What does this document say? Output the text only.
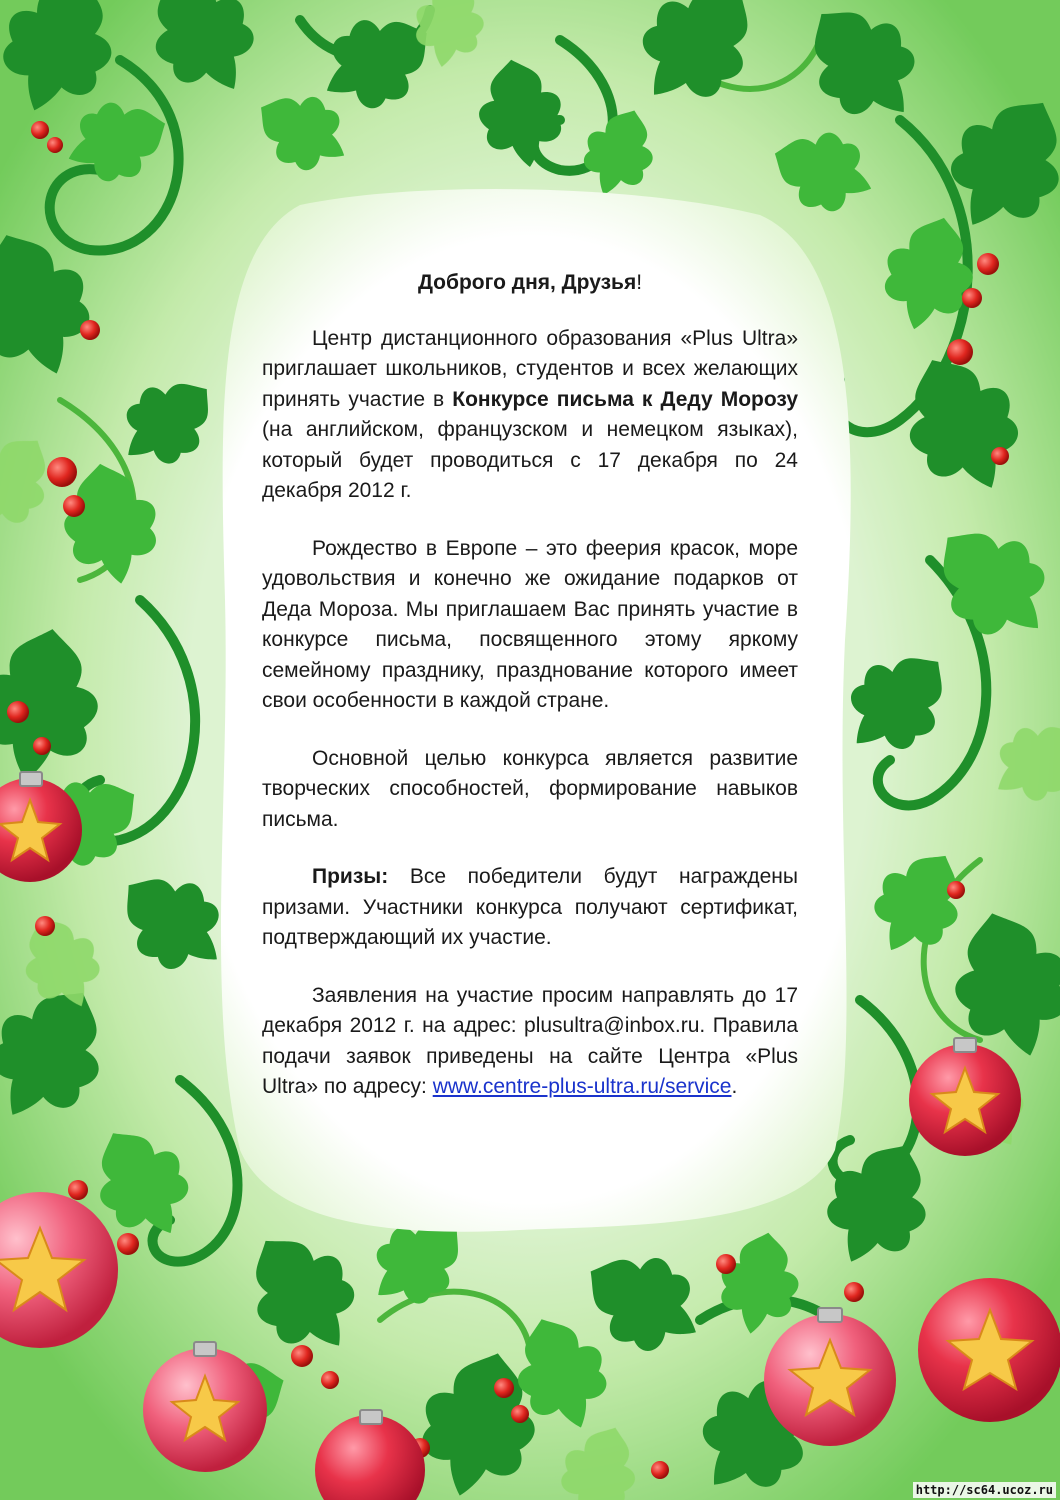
Доброго дня, Друзья!

Центр дистанционного образования «Plus Ultra» приглашает школьников, студентов и всех желающих принять участие в Конкурсе письма к Деду Морозу (на английском, французском и немецком языках), который будет проводиться с 17 декабря по 24 декабря 2012 г.

Рождество в Европе – это феерия красок, море удовольствия и конечно же ожидание подарков от Деда Мороза. Мы приглашаем Вас принять участие в конкурсе письма, посвященного этому яркому семейному празднику, празднование которого имеет свои особенности в каждой стране.

Основной целью конкурса является развитие творческих способностей, формирование навыков письма.

Призы: Все победители будут награждены призами. Участники конкурса получают сертификат, подтверждающий их участие.

Заявления на участие просим направлять до 17 декабря 2012 г. на адрес: plusultra@inbox.ru. Правила подачи заявок приведены на сайте Центра «Plus Ultra» по адресу: www.centre-plus-ultra.ru/service.

http://sc64.ucoz.ru
